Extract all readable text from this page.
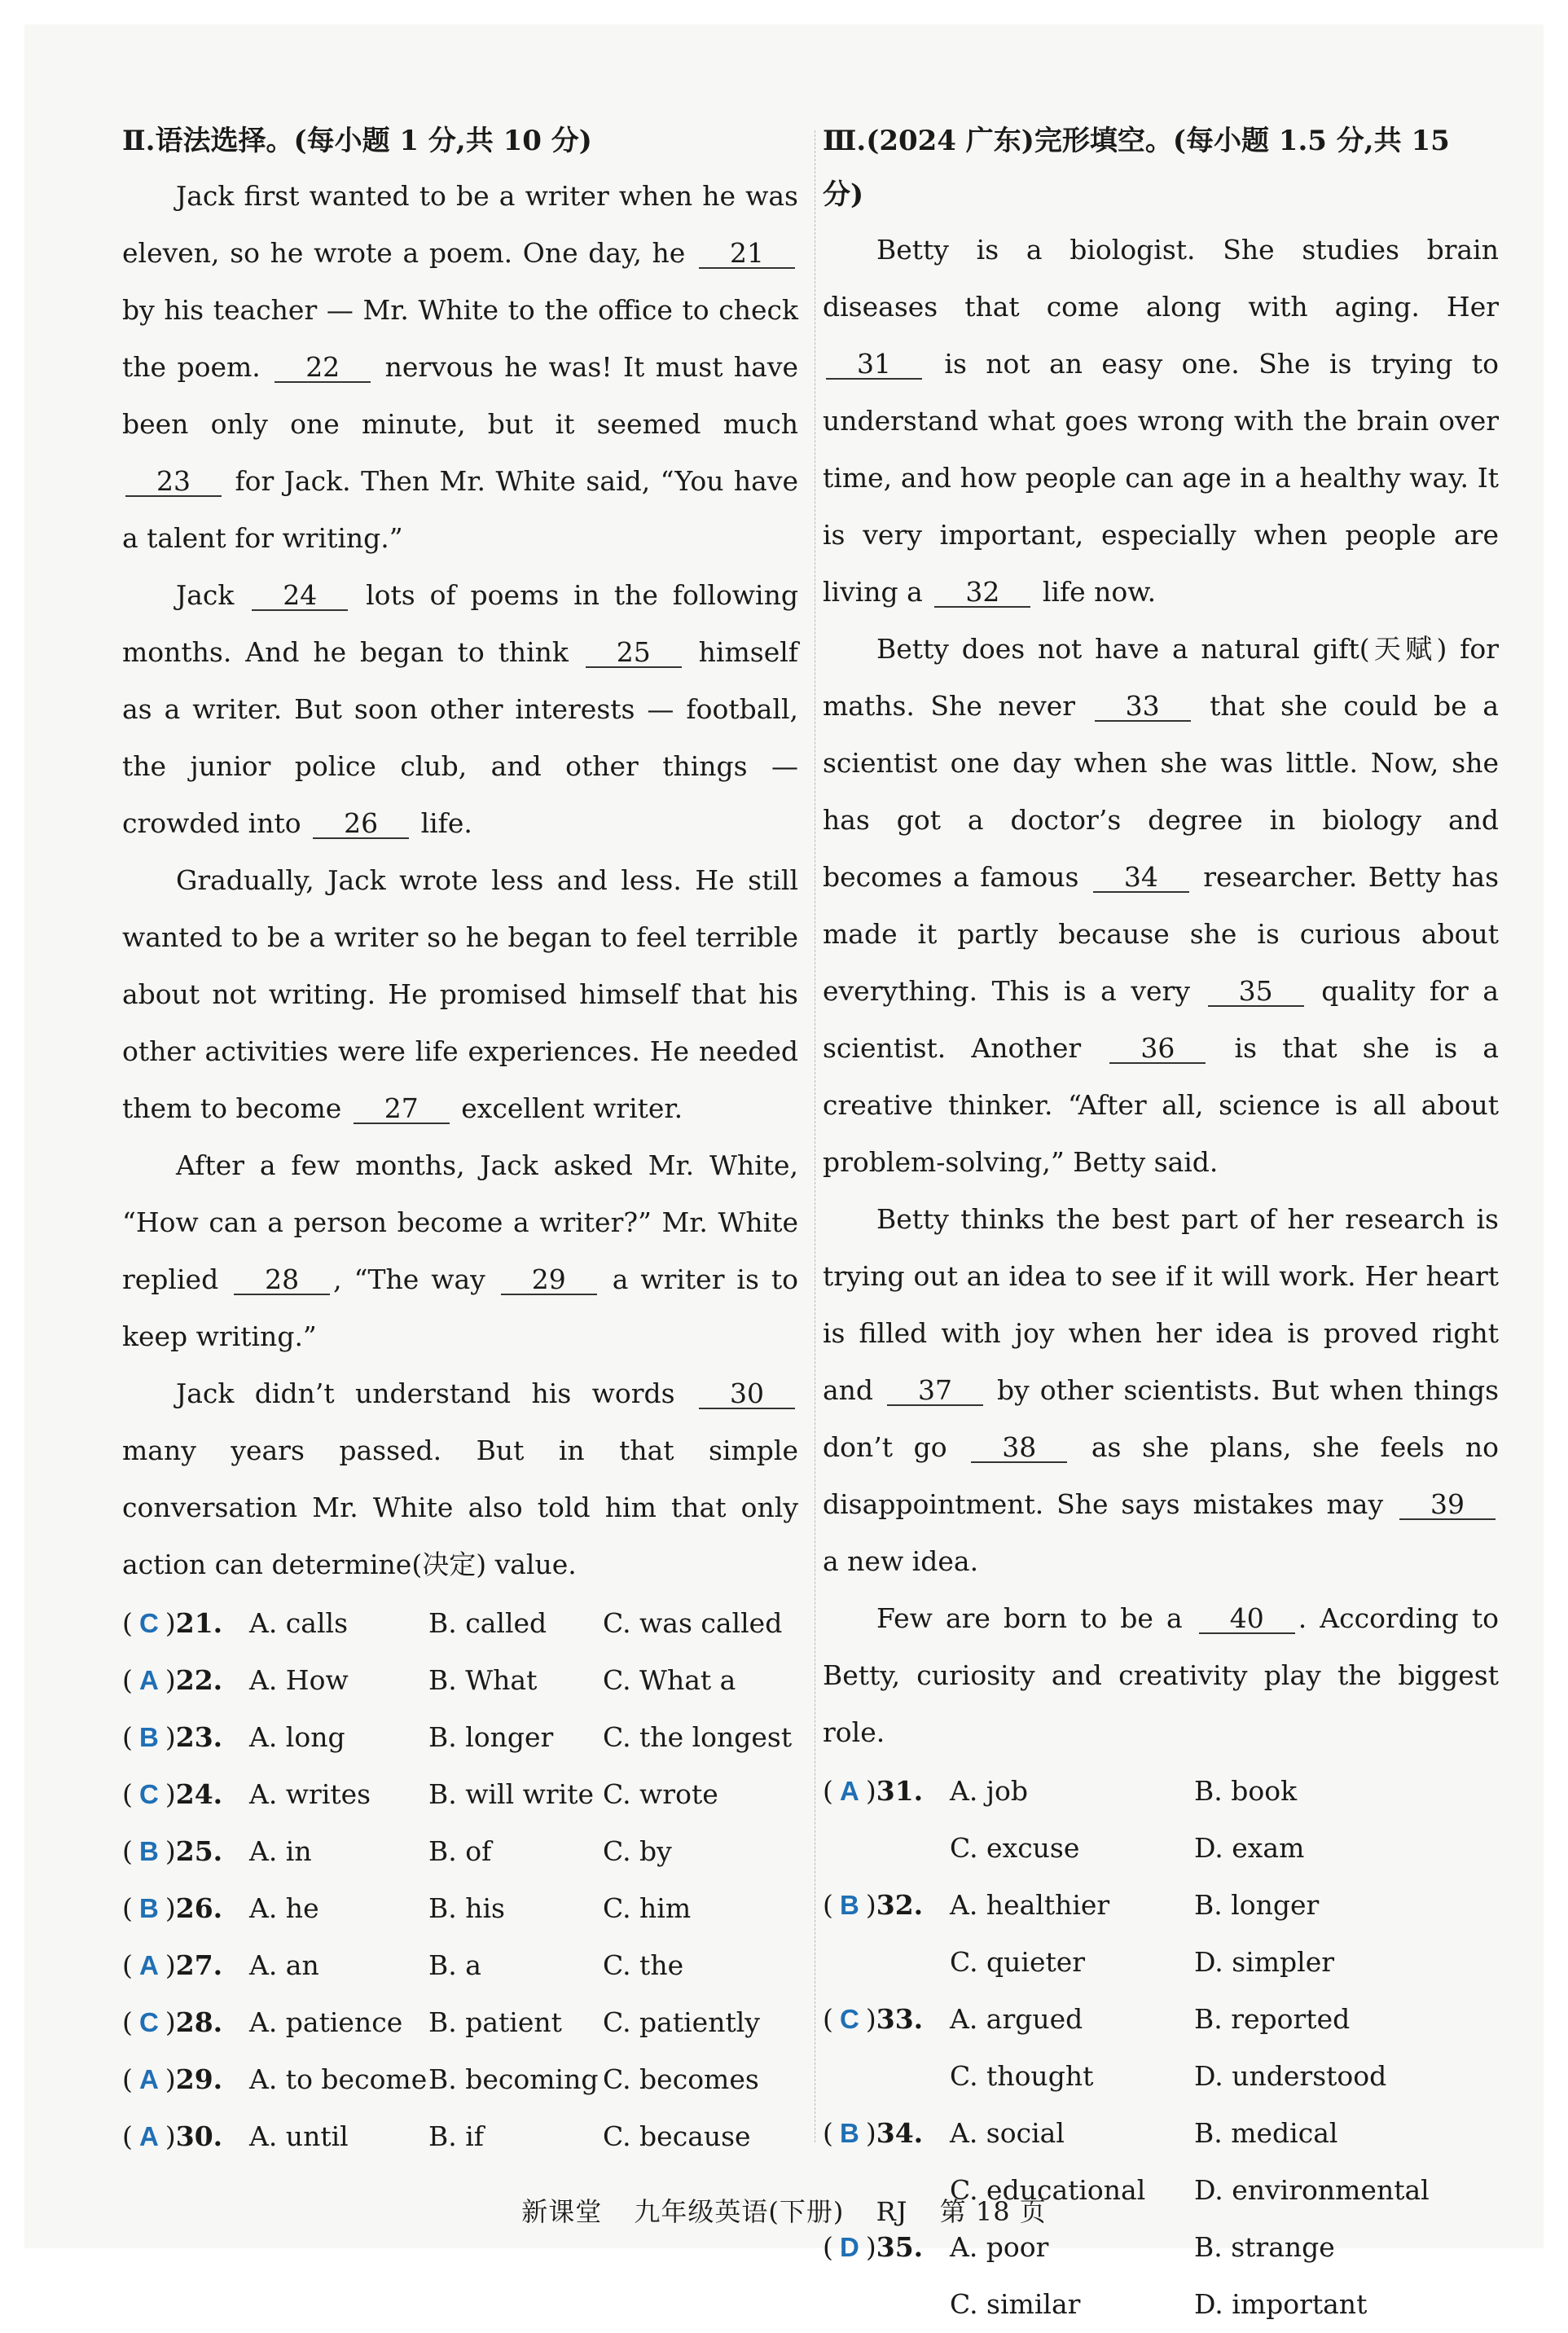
Ⅱ.语法选择。(每小题 1 分,共 10 分)

Jack first wanted to be a writer when he was eleven, so he wrote a poem. One day, he 21 by his teacher — Mr. White to the office to check the poem. 22 nervous he was! It must have been only one minute, but it seemed much 23 for Jack. Then Mr. White said, “You have a talent for writing.”

Jack 24 lots of poems in the following months. And he began to think 25 himself as a writer. But soon other interests — football, the junior police club, and other things — crowded into 26 life.

Gradually, Jack wrote less and less. He still wanted to be a writer so he began to feel terrible about not writing. He promised himself that his other activities were life experiences. He needed them to become 27 excellent writer.

After a few months, Jack asked Mr. White, “How can a person become a writer?” Mr. White replied 28 , “The way 29 a writer is to keep writing.”

Jack didn’t understand his words 30 many years passed. But in that simple conversation Mr. White also told him that only action can determine(决定) value.

( C )21. A. calls	B. called	C. was called
( A )22. A. How	B. What	C. What a
( B )23. A. long	B. longer	C. the longest
( C )24. A. writes	B. will write C. wrote
( B )25. A. in	B. of	C. by
( B )26. A. he	B. his	C. him
( A )27. A. an	B. a	C. the
( C )28. A. patience B. patient	C. patiently
( A )29. A. to become B. becoming C. becomes
( A )30. A. until	B. if	C. because
Ⅲ.(2024 广东)完形填空。(每小题 1.5 分,共 15 分)

Betty is a biologist. She studies brain diseases that come along with aging. Her 31 is not an easy one. She is trying to understand what goes wrong with the brain over time, and how people can age in a healthy way. It is very important, especially when people are living a 32 life now.

Betty does not have a natural gift(天赋) for maths. She never 33 that she could be a scientist one day when she was little. Now, she has got a doctor’s degree in biology and becomes a famous 34 researcher. Betty has made it partly because she is curious about everything. This is a very 35 quality for a scientist. Another 36 is that she is a creative thinker. “After all, science is all about problem-solving,” Betty said.

Betty thinks the best part of her research is trying out an idea to see if it will work. Her heart is filled with joy when her idea is proved right and 37 by other scientists. But when things don’t go 38 as she plans, she feels no disappointment. She says mistakes may 39 a new idea.

Few are born to be a 40 . According to Betty, curiosity and creativity play the biggest role.

( A )31. A. job	B. book
C. excuse	D. exam
( B )32. A. healthier	B. longer
C. quieter	D. simpler
( C )33. A. argued	B. reported
C. thought	D. understood
( B )34. A. social	B. medical
C. educational	D. environmental
( D )35. A. poor	B. strange
C. similar	D. important
新课堂 九年级英语(下册) RJ 第 18 页
